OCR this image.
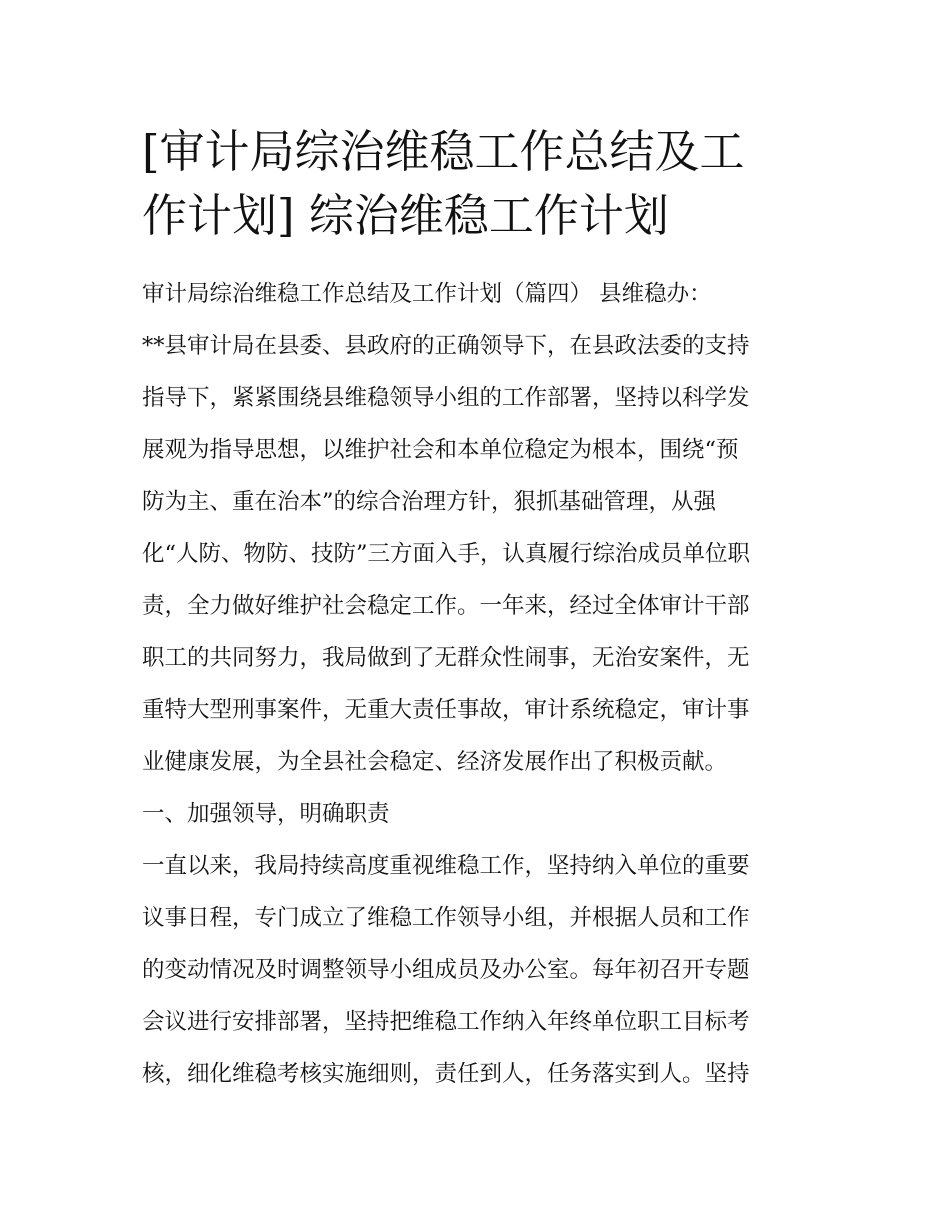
[审计局综治维稳工作总结及工

作计划] 综治维稳工作计划

审计局综治维稳工作总结及工作计划（篇四） 县维稳办：

**县审计局在县委、县政府的正确领导下，在县政法委的支持

指导下，紧紧围绕县维稳领导小组的工作部署，坚持以科学发

展观为指导思想，以维护社会和本单位稳定为根本，围绕“预

防为主、重在治本”的综合治理方针，狠抓基础管理，从强

化“人防、物防、技防”三方面入手，认真履行综治成员单位职

责，全力做好维护社会稳定工作。一年来，经过全体审计干部

职工的共同努力，我局做到了无群众性闹事，无治安案件，无

重特大型刑事案件，无重大责任事故，审计系统稳定，审计事

业健康发展，为全县社会稳定、经济发展作出了积极贡献。

一、加强领导，明确职责

一直以来，我局持续高度重视维稳工作，坚持纳入单位的重要

议事日程，专门成立了维稳工作领导小组，并根据人员和工作

的变动情况及时调整领导小组成员及办公室。每年初召开专题

会议进行安排部署，坚持把维稳工作纳入年终单位职工目标考

核，细化维稳考核实施细则，责任到人，任务落实到人。坚持
